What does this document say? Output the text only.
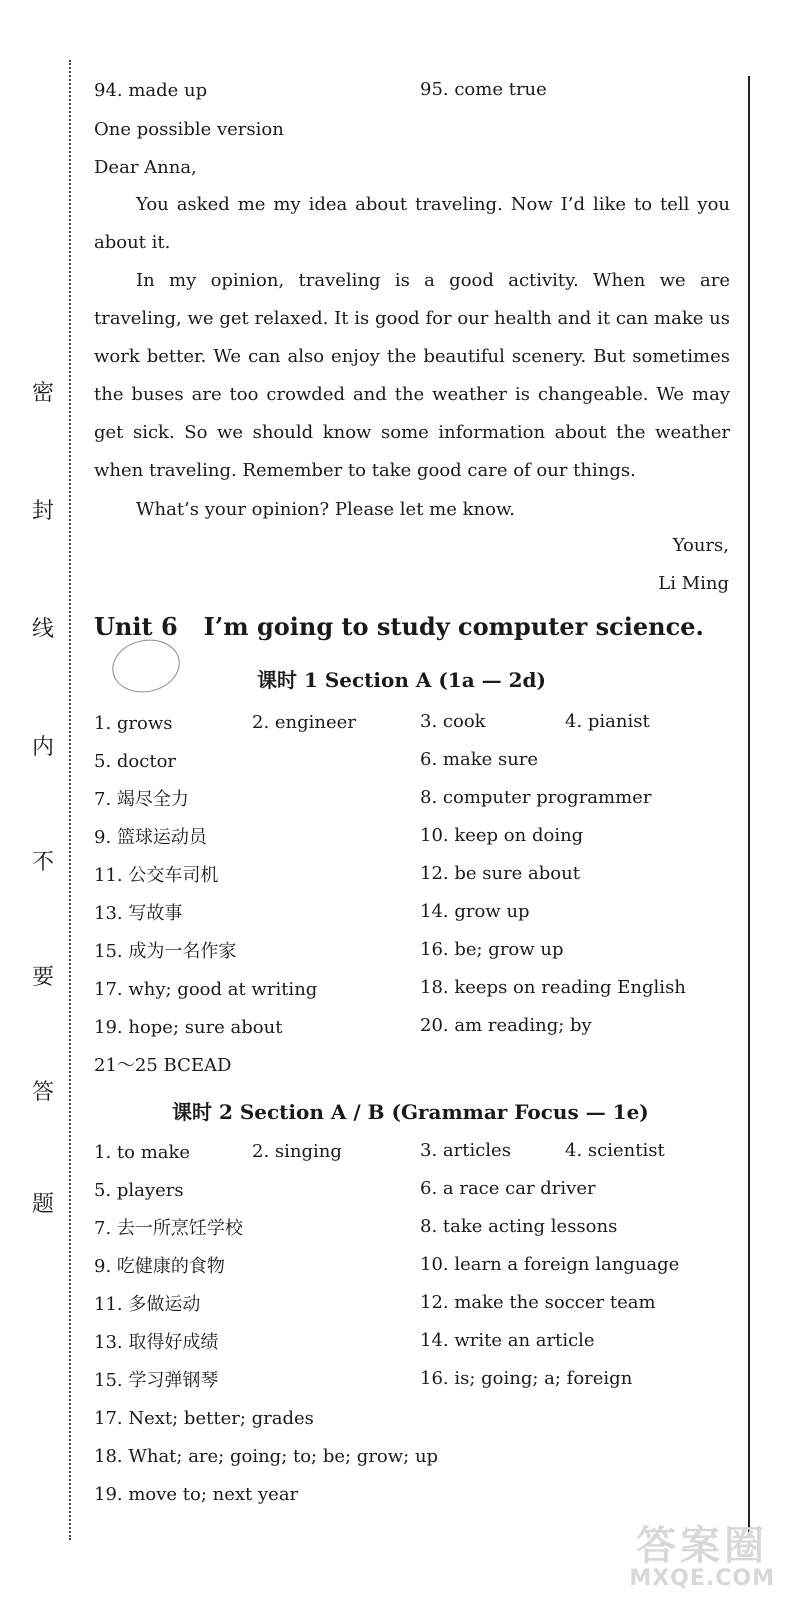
密
封
线
内
不
要
答
题
94. made up	95. come true
One possible version
Dear Anna,
You asked me my idea about traveling. Now I’d like to tell you about it.
In my opinion, traveling is a good activity. When we are traveling, we get relaxed. It is good for our health and it can make us work better. We can also enjoy the beautiful scenery. But sometimes the buses are too crowded and the weather is changeable. We may get sick. So we should know some information about the weather when traveling. Remember to take good care of our things.
What’s your opinion? Please let me know.
Yours,
Li Ming
Unit 6 I’m going to study computer science.
课时 1 Section A (1a — 2d)
1. grows	2. engineer	3. cook	4. pianist
5. doctor	6. make sure
7. 竭尽全力	8. computer programmer
9. 篮球运动员	10. keep on doing
11. 公交车司机	12. be sure about
13. 写故事	14. grow up
15. 成为一名作家	16. be; grow up
17. why; good at writing	18. keeps on reading English
19. hope; sure about	20. am reading; by
21～25 BCEAD
课时 2 Section A / B (Grammar Focus — 1e)
1. to make	2. singing	3. articles	4. scientist
5. players	6. a race car driver
7. 去一所烹饪学校	8. take acting lessons
9. 吃健康的食物	10. learn a foreign language
11. 多做运动	12. make the soccer team
13. 取得好成绩	14. write an article
15. 学习弹钢琴	16. is; going; a; foreign
17. Next; better; grades
18. What; are; going; to; be; grow; up
19. move to; next year
答案圈
MXQE.COM
